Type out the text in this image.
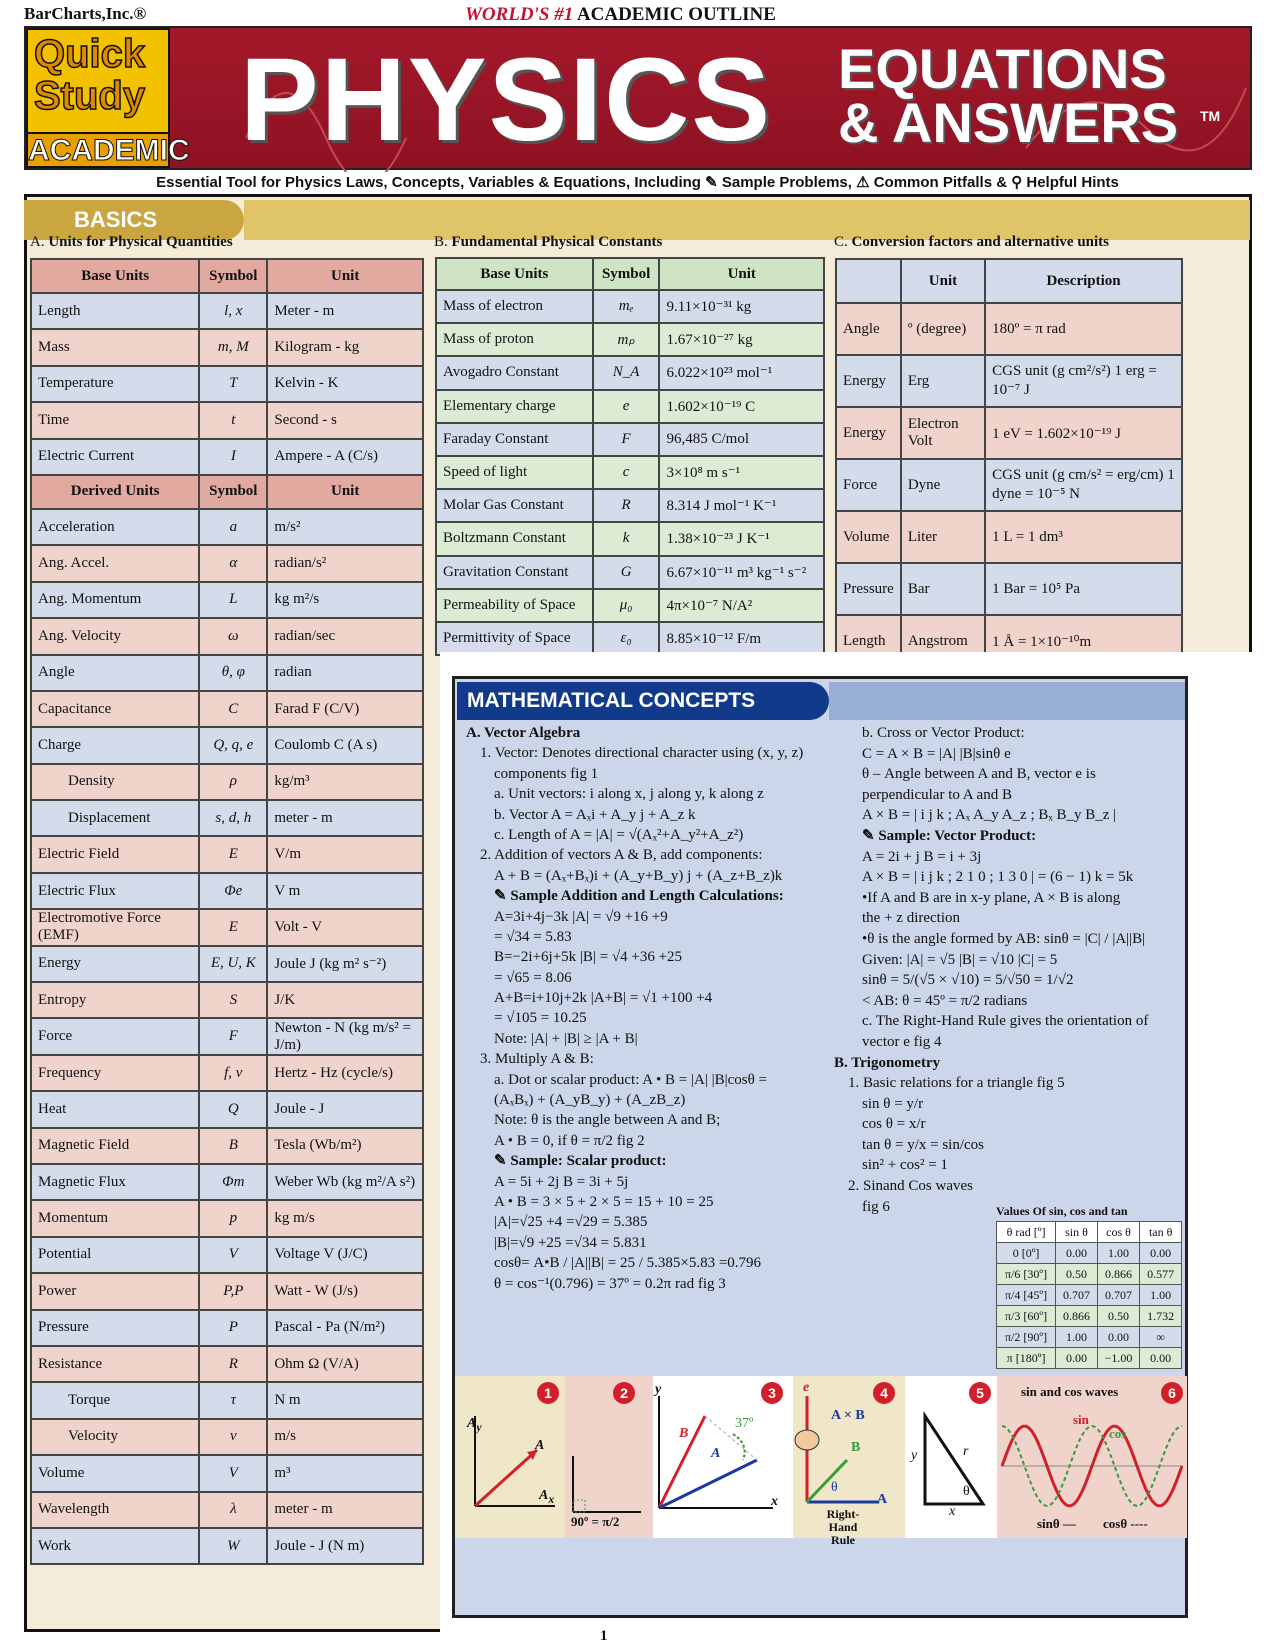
BarCharts,Inc.®	WORLD'S #1 ACADEMIC OUTLINE
Quick
Study
ACADEMIC PHYSICS EQUATIONS
& ANSWERS TM
Essential Tool for Physics Laws, Concepts, Variables & Equations, Including ✎ Sample Problems, ⚠ Common Pitfalls & ⚲ Helpful Hints
BASICS
A. Units for Physical Quantities
Base Units	Symbol	Unit
Length	l, x	Meter - m
Mass	m, M	Kilogram - kg
Temperature	T	Kelvin - K
Time	t	Second - s
Electric Current	I	Ampere - A (C/s)
Derived Units	Symbol	Unit
Acceleration	a	m/s²
Ang. Accel.	α	radian/s²
Ang. Momentum	L	kg m²/s
Ang. Velocity	ω	radian/sec
Angle	θ, φ	radian
Capacitance	C	Farad F (C/V)
Charge	Q, q, e	Coulomb C (A s)
Density	ρ	kg/m³
Displacement	s, d, h	meter - m
Electric Field	E	V/m
Electric Flux	Φe	V m
Electromotive Force (EMF)	E	Volt - V
Energy	E, U, K	Joule J (kg m² s⁻²)
Entropy	S	J/K
Force	F	Newton - N (kg m/s² = J/m)
Frequency	f, ν	Hertz - Hz (cycle/s)
Heat	Q	Joule - J
Magnetic Field	B	Tesla (Wb/m²)
Magnetic Flux	Φm	Weber Wb (kg m²/A s²)
Momentum	p	kg m/s
Potential	V	Voltage V (J/C)
Power	P,P	Watt - W (J/s)
Pressure	P	Pascal - Pa (N/m²)
Resistance	R	Ohm Ω (V/A)
Torque	τ	N m
Velocity	v	m/s
Volume	V	m³
Wavelength	λ	meter - m
Work	W	Joule - J (N m)
B. Fundamental Physical Constants
Base Units	Symbol	Unit
Mass of electron	mₑ	9.11×10⁻³¹ kg
Mass of proton	mₚ	1.67×10⁻²⁷ kg
Avogadro Constant	N_A	6.022×10²³ mol⁻¹
Elementary charge	e	1.602×10⁻¹⁹ C
Faraday Constant	F	96,485 C/mol
Speed of light	c	3×10⁸ m s⁻¹
Molar Gas Constant	R	8.314 J mol⁻¹ K⁻¹
Boltzmann Constant	k	1.38×10⁻²³ J K⁻¹
Gravitation Constant	G	6.67×10⁻¹¹ m³ kg⁻¹ s⁻²
Permeability of Space	μ₀	4π×10⁻⁷ N/A²
Permittivity of Space	ε₀	8.85×10⁻¹² F/m
C. Conversion factors and alternative units
	Unit	Description
Angle	º (degree)	180º = π rad
Energy	Erg	CGS unit (g cm²/s²) 1 erg = 10⁻⁷ J
Energy	Electron Volt	1 eV = 1.602×10⁻¹⁹ J
Force	Dyne	CGS unit (g cm/s² = erg/cm) 1 dyne = 10⁻⁵ N
Volume	Liter	1 L = 1 dm³
Pressure	Bar	1 Bar = 10⁵ Pa
Length	Angstrom	1 Å = 1×10⁻¹⁰m
MATHEMATICAL CONCEPTS
A. Vector Algebra
1. Vector: Denotes directional character using (x, y, z)
components fig 1
a. Unit vectors: i along x, j along y, k along z
b. Vector A = Aₓi + A_y j + A_z k
c. Length of A = |A| = √(Aₓ²+A_y²+A_z²)
2. Addition of vectors A & B, add components:
A + B = (Aₓ+Bₓ)i + (A_y+B_y) j + (A_z+B_z)k
✎ Sample Addition and Length Calculations:
A=3i+4j−3k |A| = √9 +16 +9
= √34 = 5.83
B=−2i+6j+5k |B| = √4 +36 +25
= √65 = 8.06
A+B=i+10j+2k |A+B| = √1 +100 +4
= √105 = 10.25
Note: |A| + |B| ≥ |A + B|
3. Multiply A & B:
a. Dot or scalar product: A • B = |A| |B|cosθ =
(AₓBₓ) + (A_yB_y) + (A_zB_z)
Note: θ is the angle between A and B;
A • B = 0, if θ = π/2 fig 2
✎ Sample: Scalar product:
A = 5i + 2j B = 3i + 5j
A • B = 3 × 5 + 2 × 5 = 15 + 10 = 25
|A|=√25 +4 =√29 = 5.385
|B|=√9 +25 =√34 = 5.831
cosθ= A•B / |A||B| = 25 / 5.385×5.83 =0.796
θ = cos⁻¹(0.796) = 37º = 0.2π rad fig 3
b. Cross or Vector Product:
C = A × B = |A| |B|sinθ e
θ – Angle between A and B, vector e is
perpendicular to A and B
A × B = | i j k ; Aₓ A_y A_z ; Bₓ B_y B_z |
✎ Sample: Vector Product:
A = 2i + j B = i + 3j
A × B = | i j k ; 2 1 0 ; 1 3 0 | = (6 − 1) k = 5k
•If A and B are in x-y plane, A × B is along
the + z direction
•θ is the angle formed by AB: sinθ = |C| / |A||B|
Given: |A| = √5 |B| = √10 |C| = 5
sinθ = 5/(√5 × √10) = 5/√50 = 1/√2
< AB: θ = 45º = π/2 radians
c. The Right-Hand Rule gives the orientation of
vector e fig 4
B. Trigonometry
1. Basic relations for a triangle fig 5
sin θ = y/r
cos θ = x/r
tan θ = y/x = sin/cos
sin² + cos² = 1
2. Sinand Cos waves
fig 6	Values Of sin, cos and tan
θ rad [º]	sin θ	cos θ	tan θ
0 [0º]	0.00	1.00	0.00
π/6 [30º]	0.50	0.866	0.577
π/4 [45º]	0.707	0.707	1.00
π/3 [60º]	0.866	0.50	1.732
π/2 [90º]	1.00	0.00	∞
π [180º]	0.00	−1.00	0.00
$A_y$
A
$A_x$
1
90º = π/2
2	y
x
B
A
37º
3	e
A × B
B
θ
A
Right-Hand
Rule
4
y	r
θ
x
5	sin and cos waves
sin
cos
sinθ — cosθ ----
6
1
